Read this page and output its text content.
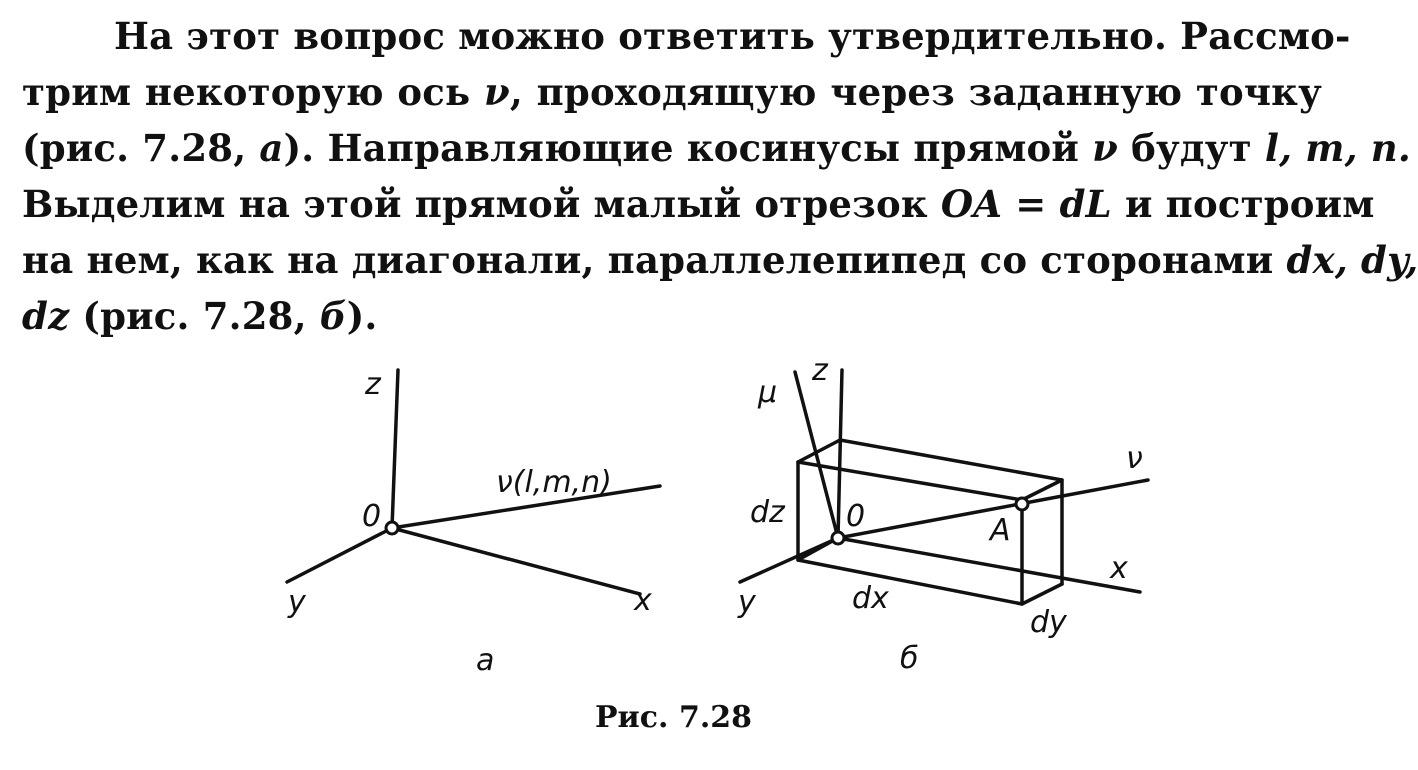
На этот вопрос можно ответить утвердительно. Рассмо-
трим некоторую ось ν, проходящую через заданную точку
(рис. 7.28, а). Направляющие косинусы прямой ν будут l, m, n.
Выделим на этой прямой малый отрезок OA = dL и построим
на нем, как на диагонали, параллелепипед со сторонами dx, dy,
dz (рис. 7.28, б).
z
0
ν(l,m,n)
y	x
а
μ
z
ν
dz 0	A
x
y	dx
dy
б
Рис. 7.28
